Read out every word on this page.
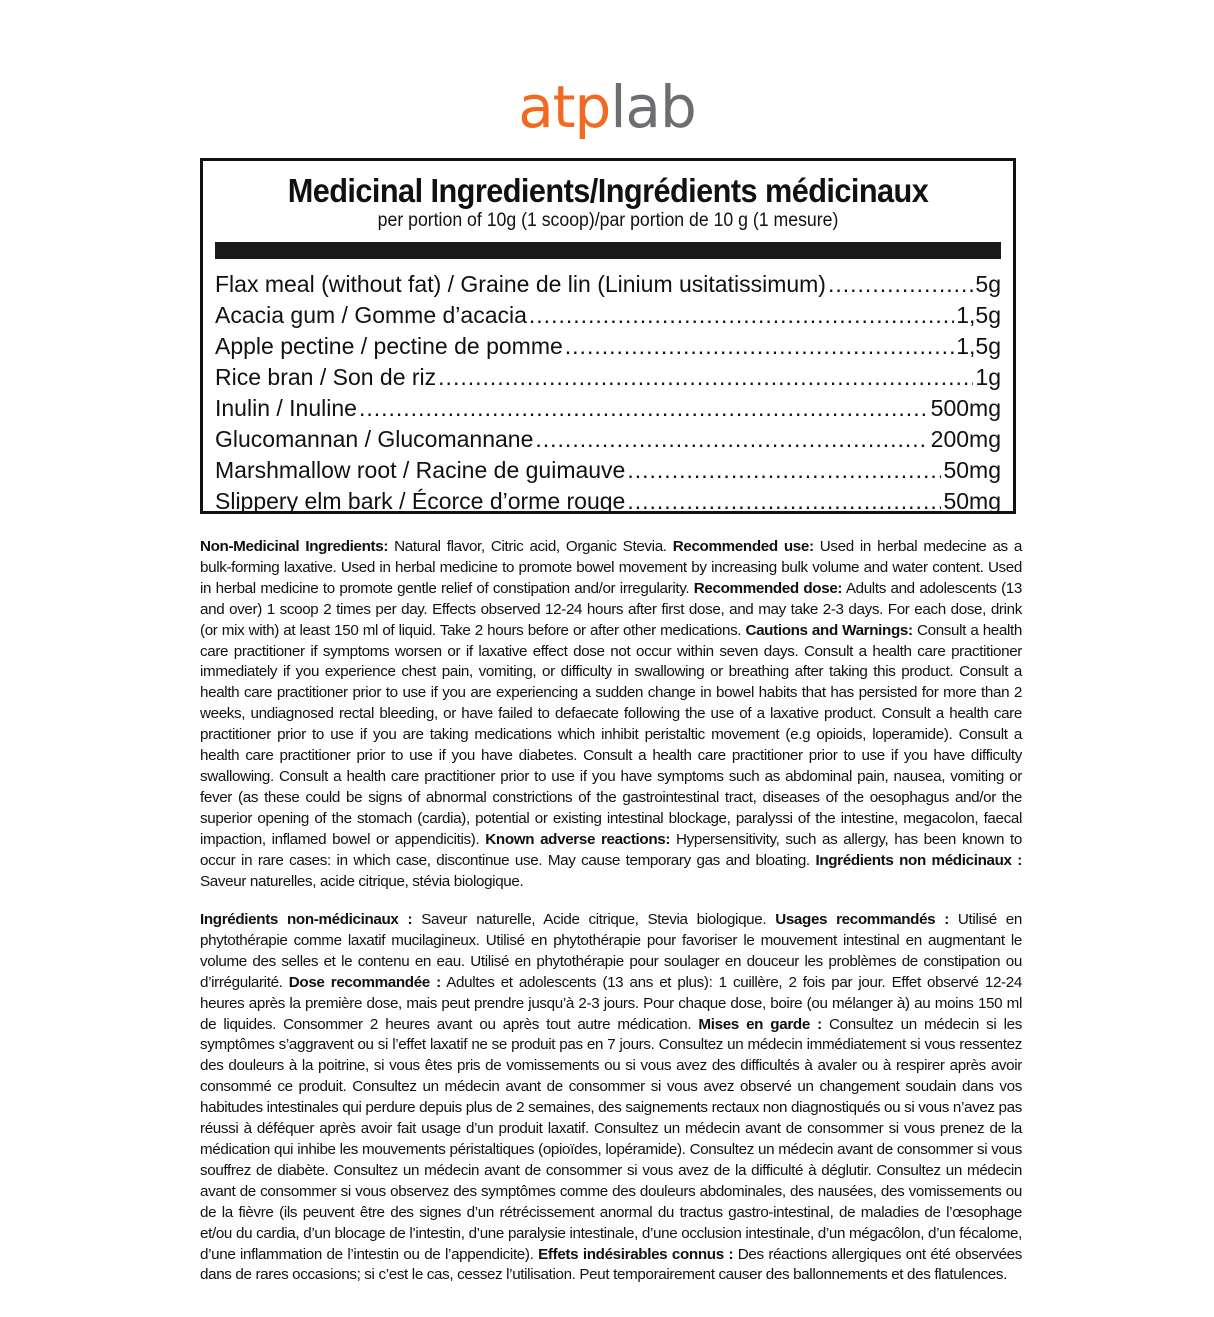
atplab
Medicinal Ingredients/Ingrédients médicinaux
per portion of 10g (1 scoop)/par portion de 10 g (1 mesure)
Flax meal (without fat) / Graine de lin (Linium usitatissimum) .....	5g
Acacia gum / Gomme d’acacia .....	1,5g
Apple pectine / pectine de pomme .....	1,5g
Rice bran / Son de riz .....	1g
Inulin / Inuline .....	500mg
Glucomannan / Glucomannane .....	200mg
Marshmallow root / Racine de guimauve .....	50mg
Slippery elm bark / Écorce d’orme rouge .....	50mg
Non-Medicinal Ingredients: Natural flavor, Citric acid, Organic Stevia. Recommended use: Used in herbal medecine as a bulk-forming laxative. Used in herbal medicine to promote bowel movement by increasing bulk volume and water content. Used in herbal medicine to promote gentle relief of constipation and/or irregularity. Recommended dose: Adults and adolescents (13 and over) 1 scoop 2 times per day. Effects observed 12-24 hours after first dose, and may take 2-3 days. For each dose, drink (or mix with) at least 150 ml of liquid. Take 2 hours before or after other medications. Cautions and Warnings: Consult a health care practitioner if symptoms worsen or if laxative effect dose not occur within seven days. Consult a health care practitioner immediately if you experience chest pain, vomiting, or difficulty in swallowing or breathing after taking this product. Consult a health care practitioner prior to use if you are experiencing a sudden change in bowel habits that has persisted for more than 2 weeks, undiagnosed rectal bleeding, or have failed to defaecate following the use of a laxative product. Consult a health care practitioner prior to use if you are taking medications which inhibit peristaltic movement (e.g opioids, loperamide). Consult a health care practitioner prior to use if you have diabetes. Consult a health care practitioner prior to use if you have difficulty swallowing. Consult a health care practitioner prior to use if you have symptoms such as abdominal pain, nausea, vomiting or fever (as these could be signs of abnormal constrictions of the gastrointestinal tract, diseases of the oesophagus and/or the superior opening of the stomach (cardia), potential or existing intestinal blockage, paralyssi of the intestine, megacolon, faecal impaction, inflamed bowel or appendicitis). Known adverse reactions: Hypersensitivity, such as allergy, has been known to occur in rare cases: in which case, discontinue use. May cause temporary gas and bloating. Ingrédients non médicinaux : Saveur naturelles, acide citrique, stévia biologique.
Ingrédients non-médicinaux : Saveur naturelle, Acide citrique, Stevia biologique. Usages recommandés : Utilisé en phytothérapie comme laxatif mucilagineux. Utilisé en phytothérapie pour favoriser le mouvement intestinal en augmentant le volume des selles et le contenu en eau. Utilisé en phytothérapie pour soulager en douceur les problèmes de constipation ou d’irrégularité. Dose recommandée : Adultes et adolescents (13 ans et plus): 1 cuillère, 2 fois par jour. Effet observé 12-24 heures après la première dose, mais peut prendre jusqu’à 2-3 jours. Pour chaque dose, boire (ou mélanger à) au moins 150 ml de liquides. Consommer 2 heures avant ou après tout autre médication. Mises en garde : Consultez un médecin si les symptômes s’aggravent ou si l’effet laxatif ne se produit pas en 7 jours. Consultez un médecin immédiatement si vous ressentez des douleurs à la poitrine, si vous êtes pris de vomissements ou si vous avez des difficultés à avaler ou à respirer après avoir consommé ce produit. Consultez un médecin avant de consommer si vous avez observé un changement soudain dans vos habitudes intestinales qui perdure depuis plus de 2 semaines, des saignements rectaux non diagnostiqués ou si vous n’avez pas réussi à déféquer après avoir fait usage d’un produit laxatif. Consultez un médecin avant de consommer si vous prenez de la médication qui inhibe les mouvements péristaltiques (opioïdes, lopéramide). Consultez un médecin avant de consommer si vous souffrez de diabète. Consultez un médecin avant de consommer si vous avez de la difficulté à déglutir. Consultez un médecin avant de consommer si vous observez des symptômes comme des douleurs abdominales, des nausées, des vomissements ou de la fièvre (ils peuvent être des signes d’un rétrécissement anormal du tractus gastro-intestinal, de maladies de l’œsophage et/ou du cardia, d’un blocage de l’intestin, d’une paralysie intestinale, d’une occlusion intestinale, d’un mégacôlon, d’un fécalome, d’une inflammation de l’intestin ou de l’appendicite). Effets indésirables connus : Des réactions allergiques ont été observées dans de rares occasions; si c’est le cas, cessez l’utilisation. Peut temporairement causer des ballonnements et des flatulences.
